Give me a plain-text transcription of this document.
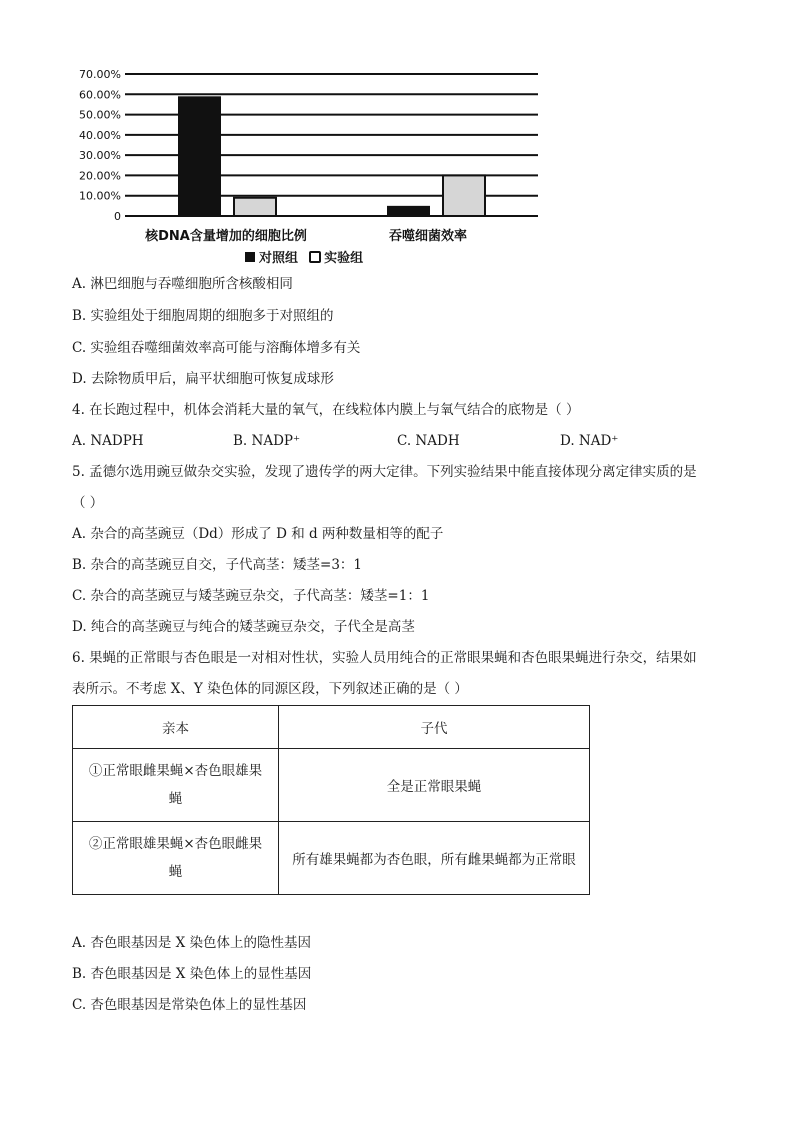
70.00%
60.00%
50.00%
40.00%
30.00%
20.00%
10.00%
0
核DNA含量增加的细胞比例	吞噬细菌效率
对照组 实验组
A. 淋巴细胞与吞噬细胞所含核酸相同
B. 实验组处于细胞周期的细胞多于对照组的
C. 实验组吞噬细菌效率高可能与溶酶体增多有关
D. 去除物质甲后，扁平状细胞可恢复成球形
4. 在长跑过程中，机体会消耗大量的氧气，在线粒体内膜上与氧气结合的底物是（ ）
A. NADPH	B. NADP⁺	C. NADH	D. NAD⁺
5. 孟德尔选用豌豆做杂交实验，发现了遗传学的两大定律。下列实验结果中能直接体现分离定律实质的是
（ ）
A. 杂合的高茎豌豆（Dd）形成了 D 和 d 两种数量相等的配子
B. 杂合的高茎豌豆自交，子代高茎：矮茎=3：1
C. 杂合的高茎豌豆与矮茎豌豆杂交，子代高茎：矮茎=1：1
D. 纯合的高茎豌豆与纯合的矮茎豌豆杂交，子代全是高茎
6. 果蝇的正常眼与杏色眼是一对相对性状，实验人员用纯合的正常眼果蝇和杏色眼果蝇进行杂交，结果如
表所示。不考虑 X、Y 染色体的同源区段，下列叙述正确的是（ ）
亲本	子代

①正常眼雌果蝇×杏色眼雄果
蝇	全是正常眼果蝇

②正常眼雄果蝇×杏色眼雌果
蝇	所有雄果蝇都为杏色眼，所有雌果蝇都为正常眼
A. 杏色眼基因是 X 染色体上的隐性基因
B. 杏色眼基因是 X 染色体上的显性基因
C. 杏色眼基因是常染色体上的显性基因
